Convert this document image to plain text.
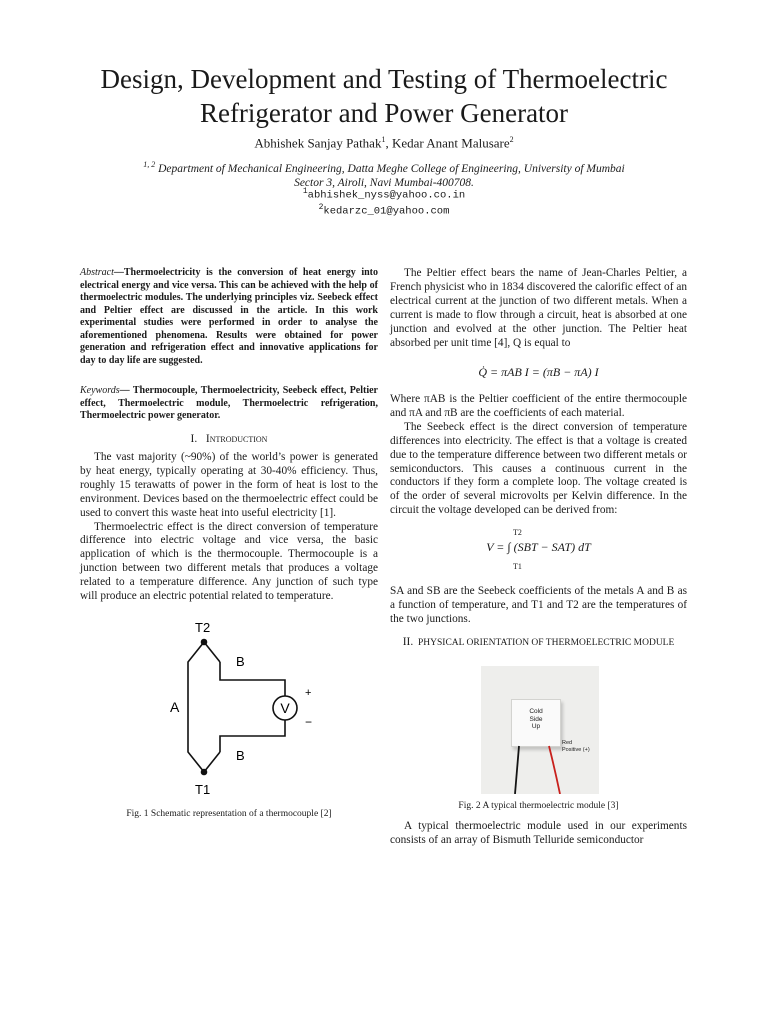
Design, Development and Testing of Thermoelectric
Refrigerator and Power Generator
Abhishek Sanjay Pathak$^1$, Kedar Anant Malusare$^2$
$^{1, 2}$ Department of Mechanical Engineering, Datta Meghe College of Engineering, University of Mumbai
Sector 3, Airoli, Navi Mumbai-400708.
$^1$abhishek_nyss@yahoo.co.in
$^2$kedarzc_01@yahoo.com
Abstract—Thermoelectricity is the conversion of heat energy into electrical energy and vice versa. This can be achieved with the help of thermoelectric modules. The underlying principles viz. Seebeck effect and Peltier effect are discussed in the article. In this work experimental studies were performed in order to analyse the aforementioned phenomena. Results were obtained for power generation and refrigeration effect and innovative applications for day to day life are suggested.
Keywords— Thermocouple, Thermoelectricity, Seebeck effect, Peltier effect, Thermoelectric module, Thermoelectric refrigeration, Thermoelectric power generator.
I. Introduction

The vast majority (~90%) of the world’s power is generated by heat energy, typically operating at 30-40% efficiency. Thus, roughly 15 terawatts of power in the form of heat is lost to the environment. Devices based on the thermoelectric effect could be used to convert this waste heat into useful electricity [1].

Thermoelectric effect is the direct conversion of temperature difference into electric voltage and vice versa, the basic application of which is the thermocouple. Thermocouple is a junction between two different metals that produces a voltage related to a temperature difference. Any junction of such type will produce an electric potential related to temperature.

V
+
−
T2
T1
A
B
B
Fig. 1 Schematic representation of a thermocouple [2]

The Peltier effect bears the name of Jean-Charles Peltier, a French physicist who in 1834 discovered the calorific effect of an electrical current at the junction of two different metals. When a current is made to flow through a circuit, heat is absorbed at one junction and evolved at the other junction. The Peltier heat absorbed per unit time [4], Q is equal to

Q̇ = πAB I = (πB − πA) I

Where πAB is the Peltier coefficient of the entire thermocouple and πA and πB are the coefficients of each material.

The Seebeck effect is the direct conversion of temperature differences into electricity. The effect is that a voltage is created due to the temperature difference between two different metals or semiconductors. This causes a continuous current in the conductors if they form a complete loop. The voltage created is of the order of several microvolts per Kelvin difference. In the circuit the voltage developed can be derived from:

T2
V = ∫ (SBT − SAT) dT
T1

SA and SB are the Seebeck coefficients of the metals A and B as a function of temperature, and T1 and T2 are the temperatures of the two junctions.

II. PHYSICAL ORIENTATION OF THERMOELECTRIC MODULE
Cold
Side
Up
Red
Positive (+)
Fig. 2 A typical thermoelectric module [3]

A typical thermoelectric module used in our experiments consists of an array of Bismuth Telluride semiconductor
